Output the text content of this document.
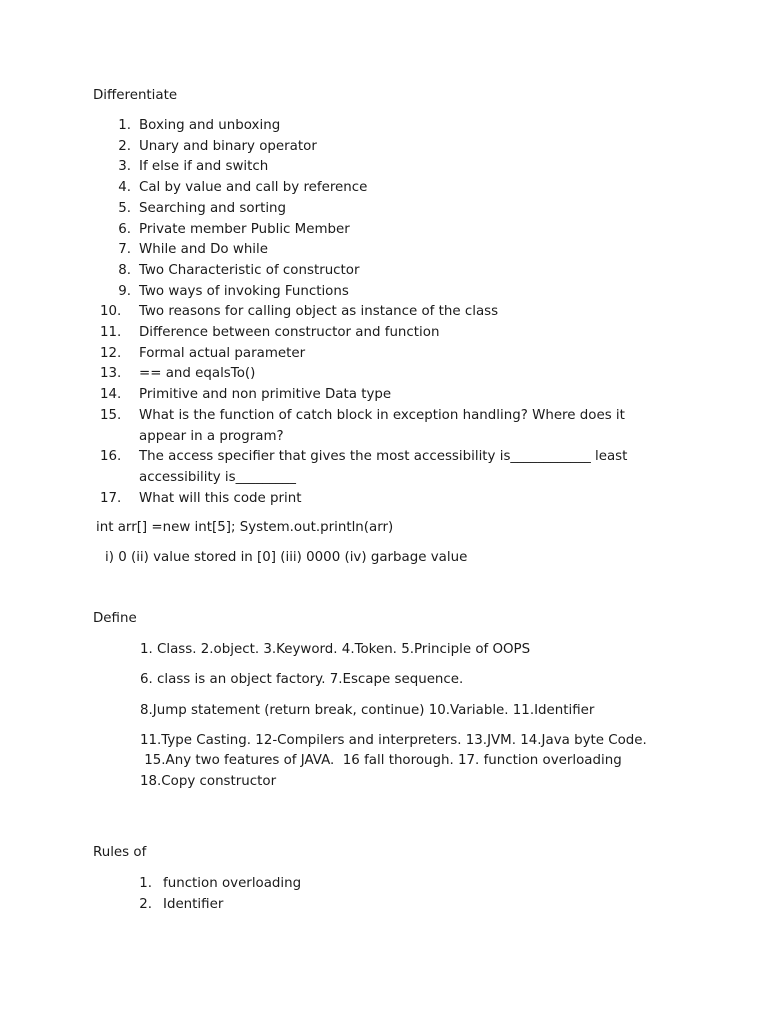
Differentiate
1. Boxing and unboxing
2. Unary and binary operator
3. If else if and switch
4. Cal by value and call by reference
5. Searching and sorting
6. Private member Public Member
7. While and Do while
8. Two Characteristic of constructor
9. Two ways of invoking Functions
10.	Two reasons for calling object as instance of the class
11.	Difference between constructor and function
12.	Formal actual parameter
13.	== and eqalsTo()
14.	Primitive and non primitive Data type
15.	What is the function of catch block in exception handling? Where does it appear in a program?
16.	The access specifier that gives the most accessibility is____________ least accessibility is_________
17.	What will this code print
int arr[] =new int[5]; System.out.println(arr)
i) 0 (ii) value stored in [0] (iii) 0000 (iv) garbage value
Define
1. Class. 2.object. 3.Keyword. 4.Token. 5.Principle of OOPS
6. class is an object factory. 7.Escape sequence.
8.Jump statement (return break, continue) 10.Variable. 11.Identifier
11.Type Casting. 12-Compilers and interpreters. 13.JVM. 14.Java byte Code.
15.Any two features of JAVA.  16 fall thorough. 17. function overloading
18.Copy constructor
Rules of
1. function overloading
2. Identifier
